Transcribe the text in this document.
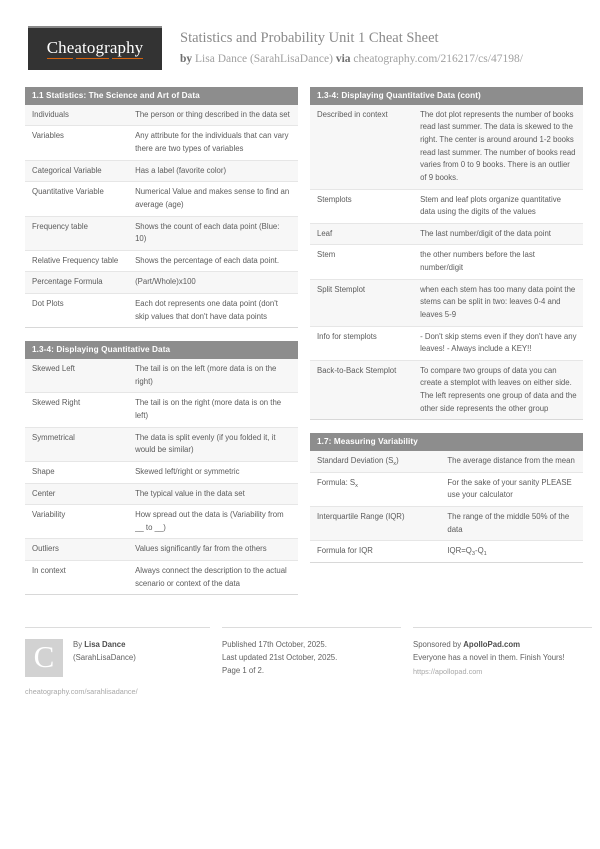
Cheatography	Statistics and Probability Unit 1 Cheat Sheet
by Lisa Dance (SarahLisaDance) via cheatography.com/216217/cs/47198/
1.1 Statistics: The Science and Art of Data
Individuals	The person or thing described in the data set
Variables	Any attribute for the individuals that can vary there are two types of variables
Categorical Variable	Has a label (favorite color)
Quantitative Variable	Numerical Value and makes sense to find an average (age)
Frequency table	Shows the count of each data point (Blue: 10)
Relative Frequency table	Shows the percentage of each data point.
Percentage Formula	(Part/Whole)x100
Dot Plots	Each dot represents one data point (don't skip values that don't have data points
1.3-4: Displaying Quantitative Data
Skewed Left	The tail is on the left (more data is on the right)
Skewed Right	The tail is on the right (more data is on the left)
Symmetrical	The data is split evenly (if you folded it, it would be similar)
Shape	Skewed left/right or symmetric
Center	The typical value in the data set
Variability	How spread out the data is (Variability from __ to __)
Outliers	Values significantly far from the others
In context	Always connect the description to the actual scenario or context of the data
1.3-4: Displaying Quantitative Data (cont)
Described in context	The dot plot represents the number of books read last summer. The data is skewed to the right. The center is around around 1-2 books read last summer. The number of books read varies from 0 to 9 books. There is an outlier of 9 books.
Stemplots	Stem and leaf plots organize quantitative data using the digits of the values
Leaf	The last number/digit of the data point
Stem	the other numbers before the last number/digit
Split Stemplot	when each stem has too many data point the stems can be split in two: leaves 0-4 and leaves 5-9
Info for stemplots	- Don't skip stems even if they don't have any leaves! - Always include a KEY!!
Back-to-Back Stemplot	To compare two groups of data you can create a stemplot with leaves on either side. The left represents one group of data and the other side represents the other group
1.7: Measuring Variability
Standard Deviation $(S_x)$	The average distance from the mean
Formula: $S_x$	For the sake of your sanity PLEASE use your calculator
Interquartile Range (IQR)	The range of the middle 50% of the data
Formula for IQR	$IQR=Q_3-Q_1$
C	By Lisa Dance
(SarahLisaDance)
cheatography.com/sarahlisadance/
Published 17th October, 2025.
Last updated 21st October, 2025.
Page 1 of 2.
Sponsored by ApolloPad.com
Everyone has a novel in them. Finish Yours!
https://apollopad.com
